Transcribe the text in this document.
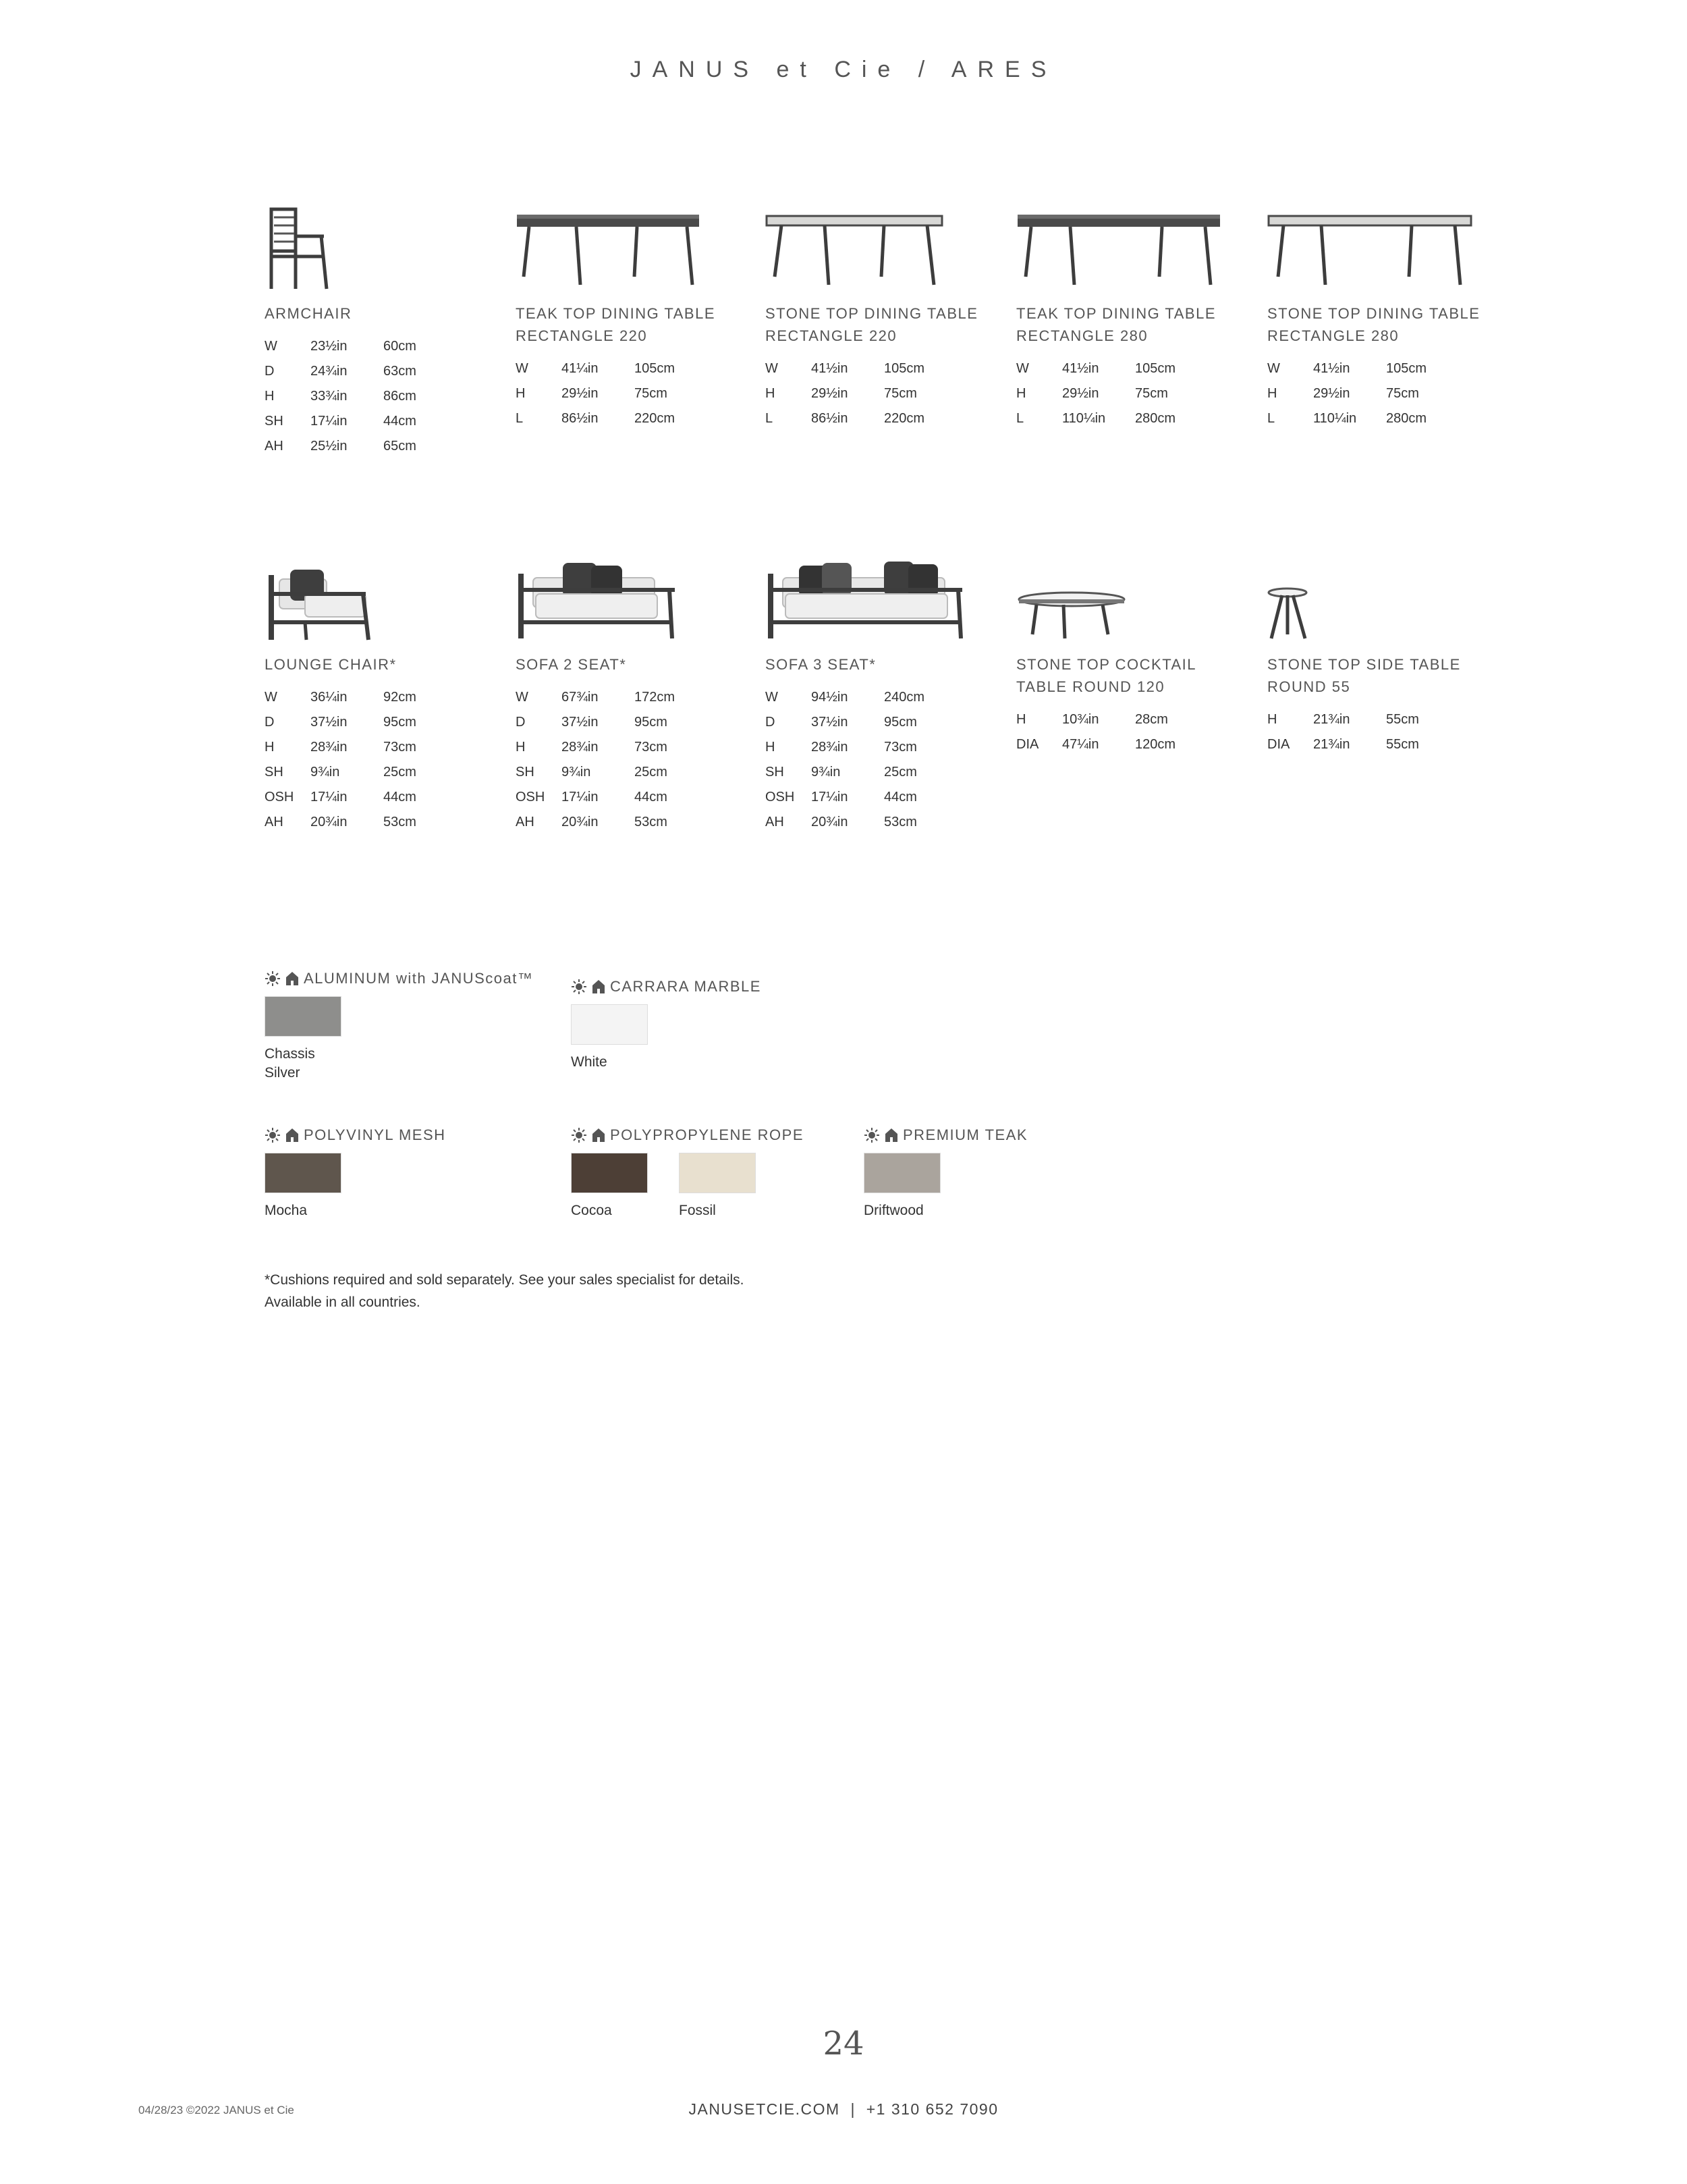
JANUS et Cie / ARES
ARMCHAIR
W	23½in	60cm
D	24¾in	63cm
H	33¾in	86cm
SH	17¼in	44cm
AH	25½in	65cm
TEAK TOP DINING TABLE RECTANGLE 220
W	41¼in	105cm
H	29½in	75cm
L	86½in	220cm
STONE TOP DINING TABLE RECTANGLE 220
W	41½in	105cm
H	29½in	75cm
L	86½in	220cm
TEAK TOP DINING TABLE RECTANGLE 280
W	41½in	105cm
H	29½in	75cm
L	110¼in	280cm
STONE TOP DINING TABLE RECTANGLE 280
W	41½in	105cm
H	29½in	75cm
L	110¼in	280cm
LOUNGE CHAIR*
W	36¼in	92cm
D	37½in	95cm
H	28¾in	73cm
SH	9¾in	25cm
OSH	17¼in	44cm
AH	20¾in	53cm
SOFA 2 SEAT*
W	67¾in	172cm
D	37½in	95cm
H	28¾in	73cm
SH	9¾in	25cm
OSH	17¼in	44cm
AH	20¾in	53cm
SOFA 3 SEAT*
W	94½in	240cm
D	37½in	95cm
H	28¾in	73cm
SH	9¾in	25cm
OSH	17¼in	44cm
AH	20¾in	53cm
STONE TOP COCKTAIL TABLE ROUND 120
H	10¾in	28cm
DIA	47¼in	120cm
STONE TOP SIDE TABLE ROUND 55
H	21¾in	55cm
DIA	21¾in	55cm
ALUMINUM with JANUScoat™
Chassis
Silver
CARRARA MARBLE
White
POLYVINYL MESH
Mocha
POLYPROPYLENE ROPE
Cocoa	Fossil
PREMIUM TEAK
Driftwood
*Cushions required and sold separately. See your sales specialist for details.
Available in all countries.
24
04/28/23 ©2022 JANUS et Cie	JANUSETCIE.COM  |  +1 310 652 7090
